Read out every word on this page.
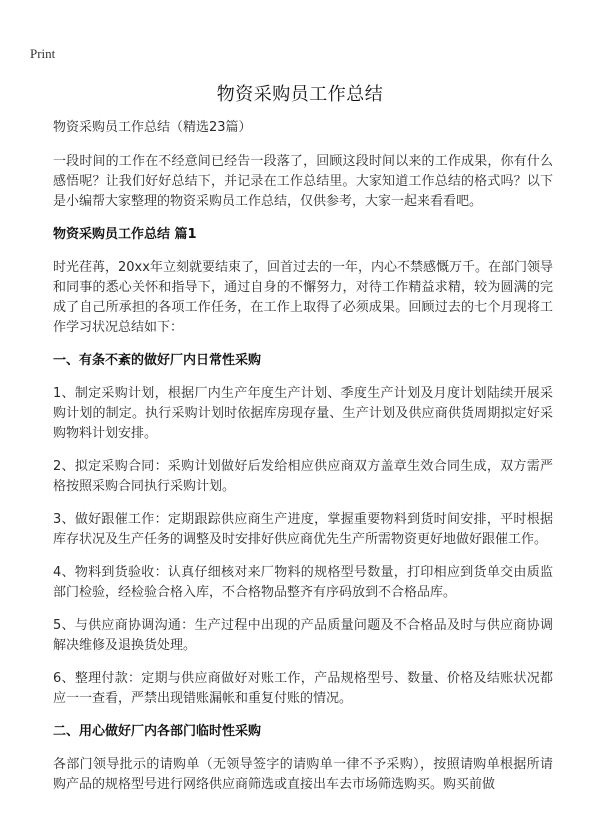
Print
物资采购员工作总结

物资采购员工作总结（精选23篇）

一段时间的工作在不经意间已经告一段落了，回顾这段时间以来的工作成果，你有什么感悟呢？让我们好好总结下，并记录在工作总结里。大家知道工作总结的格式吗？以下是小编帮大家整理的物资采购员工作总结，仅供参考，大家一起来看看吧。

物资采购员工作总结 篇1

时光荏苒，20xx年立刻就要结束了，回首过去的一年，内心不禁感慨万千。在部门领导和同事的悉心关怀和指导下，通过自身的不懈努力，对待工作精益求精，较为圆满的完成了自己所承担的各项工作任务，在工作上取得了必须成果。回顾过去的七个月现将工作学习状况总结如下：

一、有条不紊的做好厂内日常性采购

1、制定采购计划，根据厂内生产年度生产计划、季度生产计划及月度计划陆续开展采购计划的制定。执行采购计划时依据库房现存量、生产计划及供应商供货周期拟定好采购物料计划安排。

2、拟定采购合同：采购计划做好后发给相应供应商双方盖章生效合同生成，双方需严格按照采购合同执行采购计划。

3、做好跟催工作：定期跟踪供应商生产进度，掌握重要物料到货时间安排，平时根据库存状况及生产任务的调整及时安排好供应商优先生产所需物资更好地做好跟催工作。

4、物料到货验收：认真仔细核对来厂物料的规格型号数量，打印相应到货单交由质监部门检验，经检验合格入库，不合格物品整齐有序码放到不合格品库。

5、与供应商协调沟通：生产过程中出现的产品质量问题及不合格品及时与供应商协调解决维修及退换货处理。

6、整理付款：定期与供应商做好对账工作，产品规格型号、数量、价格及结账状况都应一一查看，严禁出现错账漏帐和重复付账的情况。

二、用心做好厂内各部门临时性采购

各部门领导批示的请购单（无领导签字的请购单一律不予采购），按照请购单根据所请购产品的规格型号进行网络供应商筛选或直接出车去市场筛选购买。购买前做
